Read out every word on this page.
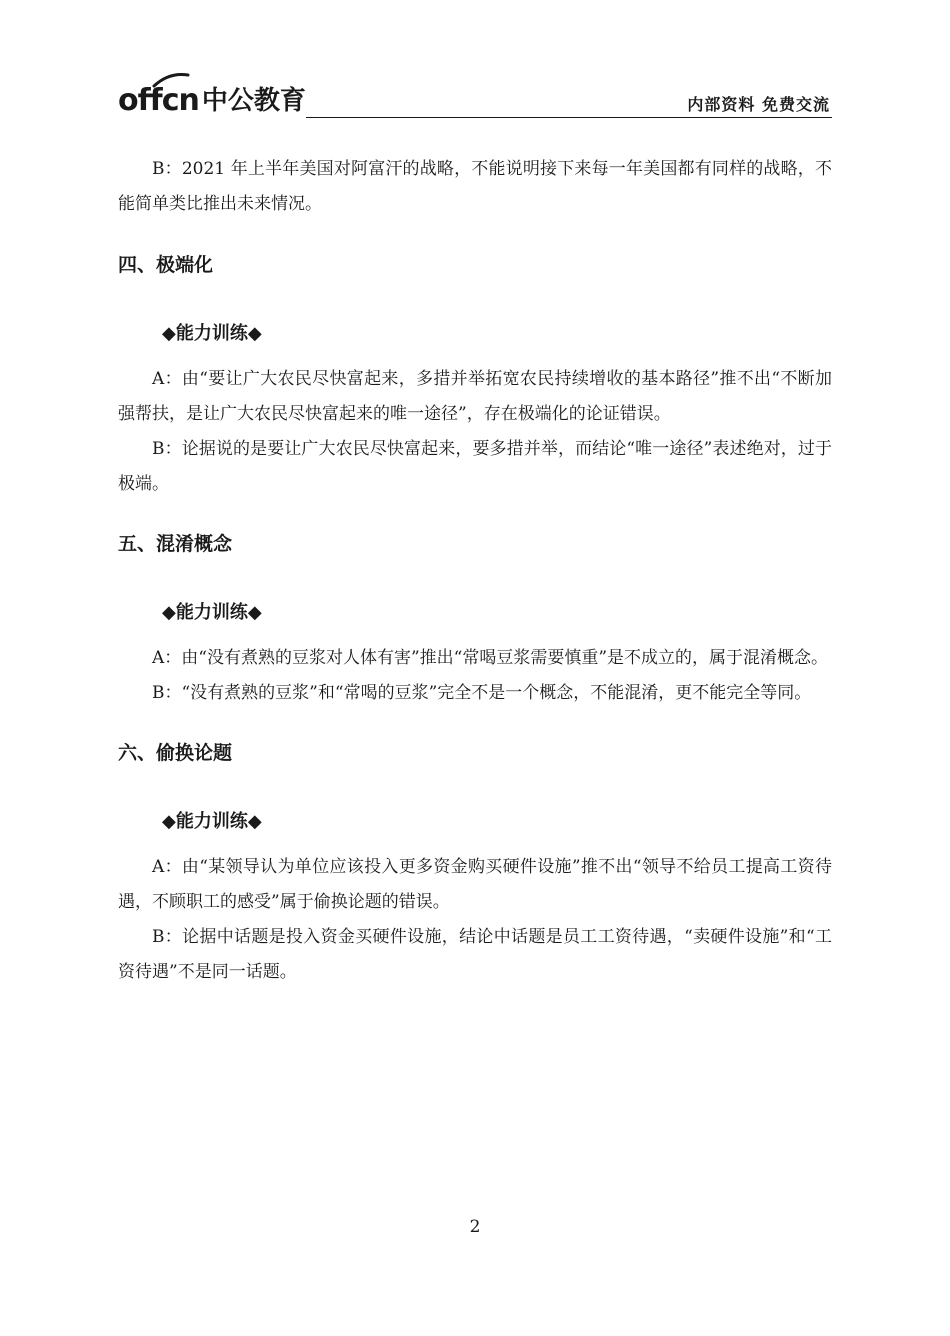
offcn 中公教育	内部资料 免费交流

B：2021 年上半年美国对阿富汗的战略，不能说明接下来每一年美国都有同样的战略，不能简单类比推出未来情况。

四、极端化

◆能力训练◆

A：由“要让广大农民尽快富起来，多措并举拓宽农民持续增收的基本路径”推不出“不断加强帮扶，是让广大农民尽快富起来的唯一途径”，存在极端化的论证错误。

B：论据说的是要让广大农民尽快富起来，要多措并举，而结论“唯一途径”表述绝对，过于极端。

五、混淆概念

◆能力训练◆

A：由“没有煮熟的豆浆对人体有害”推出“常喝豆浆需要慎重”是不成立的，属于混淆概念。

B：“没有煮熟的豆浆”和“常喝的豆浆”完全不是一个概念，不能混淆，更不能完全等同。

六、偷换论题

◆能力训练◆

A：由“某领导认为单位应该投入更多资金购买硬件设施”推不出“领导不给员工提高工资待遇，不顾职工的感受”属于偷换论题的错误。

B：论据中话题是投入资金买硬件设施，结论中话题是员工工资待遇，“卖硬件设施”和“工资待遇”不是同一话题。

2
